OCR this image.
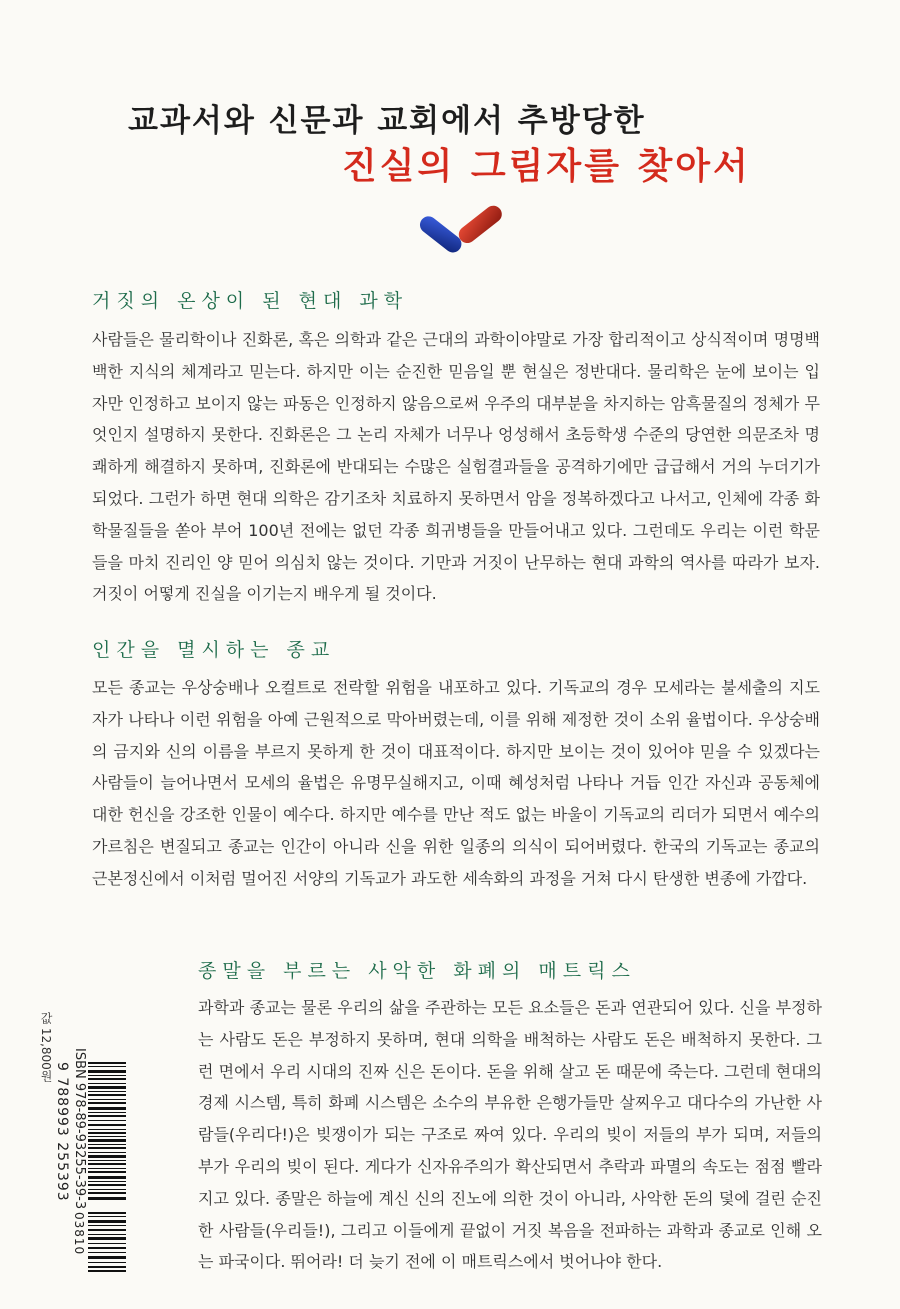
교과서와 신문과 교회에서 추방당한
진실의 그림자를 찾아서
거짓의 온상이 된 현대 과학

사람들은 물리학이나 진화론, 혹은 의학과 같은 근대의 과학이야말로 가장 합리적이고 상식적이며 명명백백한 지식의 체계라고 믿는다. 하지만 이는 순진한 믿음일 뿐 현실은 정반대다. 물리학은 눈에 보이는 입자만 인정하고 보이지 않는 파동은 인정하지 않음으로써 우주의 대부분을 차지하는 암흑물질의 정체가 무엇인지 설명하지 못한다. 진화론은 그 논리 자체가 너무나 엉성해서 초등학생 수준의 당연한 의문조차 명쾌하게 해결하지 못하며, 진화론에 반대되는 수많은 실험결과들을 공격하기에만 급급해서 거의 누더기가 되었다. 그런가 하면 현대 의학은 감기조차 치료하지 못하면서 암을 정복하겠다고 나서고, 인체에 각종 화학물질들을 쏟아 부어 100년 전에는 없던 각종 희귀병들을 만들어내고 있다. 그런데도 우리는 이런 학문들을 마치 진리인 양 믿어 의심치 않는 것이다. 기만과 거짓이 난무하는 현대 과학의 역사를 따라가 보자. 거짓이 어떻게 진실을 이기는지 배우게 될 것이다.

인간을 멸시하는 종교

모든 종교는 우상숭배나 오컬트로 전락할 위험을 내포하고 있다. 기독교의 경우 모세라는 불세출의 지도자가 나타나 이런 위험을 아예 근원적으로 막아버렸는데, 이를 위해 제정한 것이 소위 율법이다. 우상숭배의 금지와 신의 이름을 부르지 못하게 한 것이 대표적이다. 하지만 보이는 것이 있어야 믿을 수 있겠다는 사람들이 늘어나면서 모세의 율법은 유명무실해지고, 이때 혜성처럼 나타나 거듭 인간 자신과 공동체에 대한 헌신을 강조한 인물이 예수다. 하지만 예수를 만난 적도 없는 바울이 기독교의 리더가 되면서 예수의 가르침은 변질되고 종교는 인간이 아니라 신을 위한 일종의 의식이 되어버렸다. 한국의 기독교는 종교의 근본정신에서 이처럼 멀어진 서양의 기독교가 과도한 세속화의 과정을 거쳐 다시 탄생한 변종에 가깝다.

종말을 부르는 사악한 화폐의 매트릭스

과학과 종교는 물론 우리의 삶을 주관하는 모든 요소들은 돈과 연관되어 있다. 신을 부정하는 사람도 돈은 부정하지 못하며, 현대 의학을 배척하는 사람도 돈은 배척하지 못한다. 그런 면에서 우리 시대의 진짜 신은 돈이다. 돈을 위해 살고 돈 때문에 죽는다. 그런데 현대의 경제 시스템, 특히 화폐 시스템은 소수의 부유한 은행가들만 살찌우고 대다수의 가난한 사람들(우리다!)은 빚쟁이가 되는 구조로 짜여 있다. 우리의 빚이 저들의 부가 되며, 저들의 부가 우리의 빚이 된다. 게다가 신자유주의가 확산되면서 추락과 파멸의 속도는 점점 빨라지고 있다. 종말은 하늘에 계신 신의 진노에 의한 것이 아니라, 사악한 돈의 덫에 걸린 순진한 사람들(우리들!), 그리고 이들에게 끝없이 거짓 복음을 전파하는 과학과 종교로 인해 오는 파국이다. 뛰어라! 더 늦기 전에 이 매트릭스에서 벗어나야 한다.

값 12,800원
9 788993 255393 ISBN 978-89-93255-39-3
03810
